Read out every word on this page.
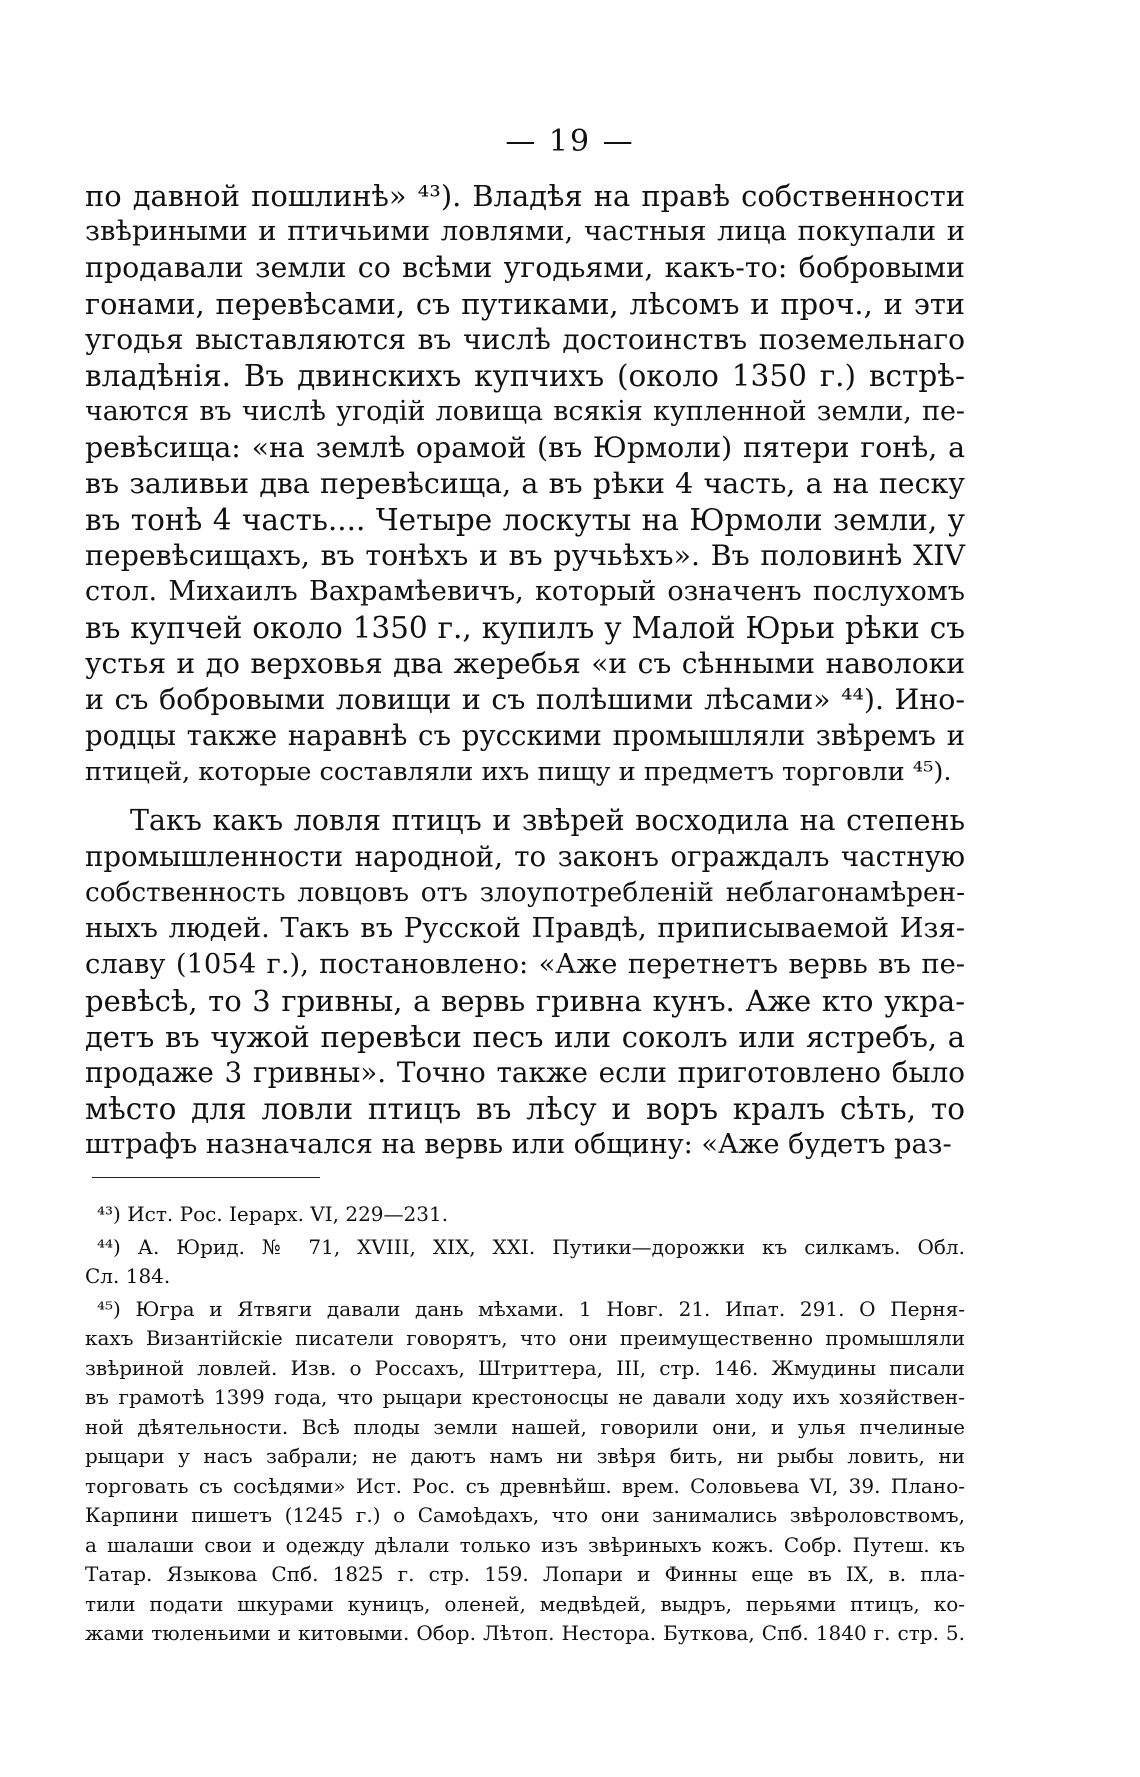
— 19 —

по давной пошлинѣ» ⁴³). Владѣя на правѣ собственности
звѣриными и птичьими ловлями, частныя лица покупали и
продавали земли со всѣми угодьями, какъ-то: бобровыми
гонами, перевѣсами, съ путиками, лѣсомъ и проч., и эти
угодья выставляются въ числѣ достоинствъ поземельнаго
владѣнія. Въ двинскихъ купчихъ (около 1350 г.) встрѣ-
чаются въ числѣ угодій ловища всякія купленной земли, пе-
ревѣсища: «на землѣ орамой (въ Юрмоли) пятери гонѣ, а
въ заливьи два перевѣсища, а въ рѣки 4 часть, а на песку
въ тонѣ 4 часть.... Четыре лоскуты на Юрмоли земли, у
перевѣсищахъ, въ тонѣхъ и въ ручьѣхъ». Въ половинѣ XIV
стол. Михаилъ Вахрамѣевичъ, который означенъ послухомъ
въ купчей около 1350 г., купилъ у Малой Юрьи рѣки съ
устья и до верховья два жеребья «и съ сѣнными наволоки
и съ бобровыми ловищи и съ полѣшими лѣсами» ⁴⁴). Ино-
родцы также наравнѣ съ русскими промышляли звѣремъ и
птицей, которые составляли ихъ пищу и предметъ торговли ⁴⁵).
Такъ какъ ловля птицъ и звѣрей восходила на степень
промышленности народной, то законъ ограждалъ частную
собственность ловцовъ отъ злоупотребленій неблагонамѣрен-
ныхъ людей. Такъ въ Русской Правдѣ, приписываемой Изя-
славу (1054 г.), постановлено: «Аже перетнетъ вервь въ пе-
ревѣсѣ, то 3 гривны, а вервь гривна кунъ. Аже кто укра-
детъ въ чужой перевѣси песъ или соколъ или ястребъ, а
продаже 3 гривны». Точно также если приготовлено было
мѣсто для ловли птицъ въ лѣсу и воръ кралъ сѣть, то
штрафъ назначался на вервь или общину: «Аже будетъ раз-
⁴³) Ист. Рос. Iерарх. VI, 229—231.
⁴⁴) А. Юрид. № 71, XVIII, XIX, XXI. Путики—дорожки къ силкамъ. Обл.
Сл. 184.
⁴⁵) Югра и Ятвяги давали дань мѣхами. 1 Новг. 21. Ипат. 291. О Перня-
кахъ Византійскіе писатели говорятъ, что они преимущественно промышляли
звѣриной ловлей. Изв. о Россахъ, Штриттера, III, стр. 146. Жмудины писали
въ грамотѣ 1399 года, что рыцари крестоносцы не давали ходу ихъ хозяйствен-
ной дѣятельности. Всѣ плоды земли нашей, говорили они, и улья пчелиные
рыцари у насъ забрали; не даютъ намъ ни звѣря бить, ни рыбы ловить, ни
торговать съ сосѣдями» Ист. Рос. съ древнѣйш. врем. Соловьева VI, 39. Плано-
Карпини пишетъ (1245 г.) о Самоѣдахъ, что они занимались звѣроловствомъ,
а шалаши свои и одежду дѣлали только изъ звѣриныхъ кожъ. Собр. Путеш. къ
Татар. Языкова Спб. 1825 г. стр. 159. Лопари и Финны еще въ IX, в. пла-
тили подати шкурами куницъ, оленей, медвѣдей, выдръ, перьями птицъ, ко-
жами тюленьими и китовыми. Обор. Лѣтоп. Нестора. Буткова, Спб. 1840 г. стр. 5.
